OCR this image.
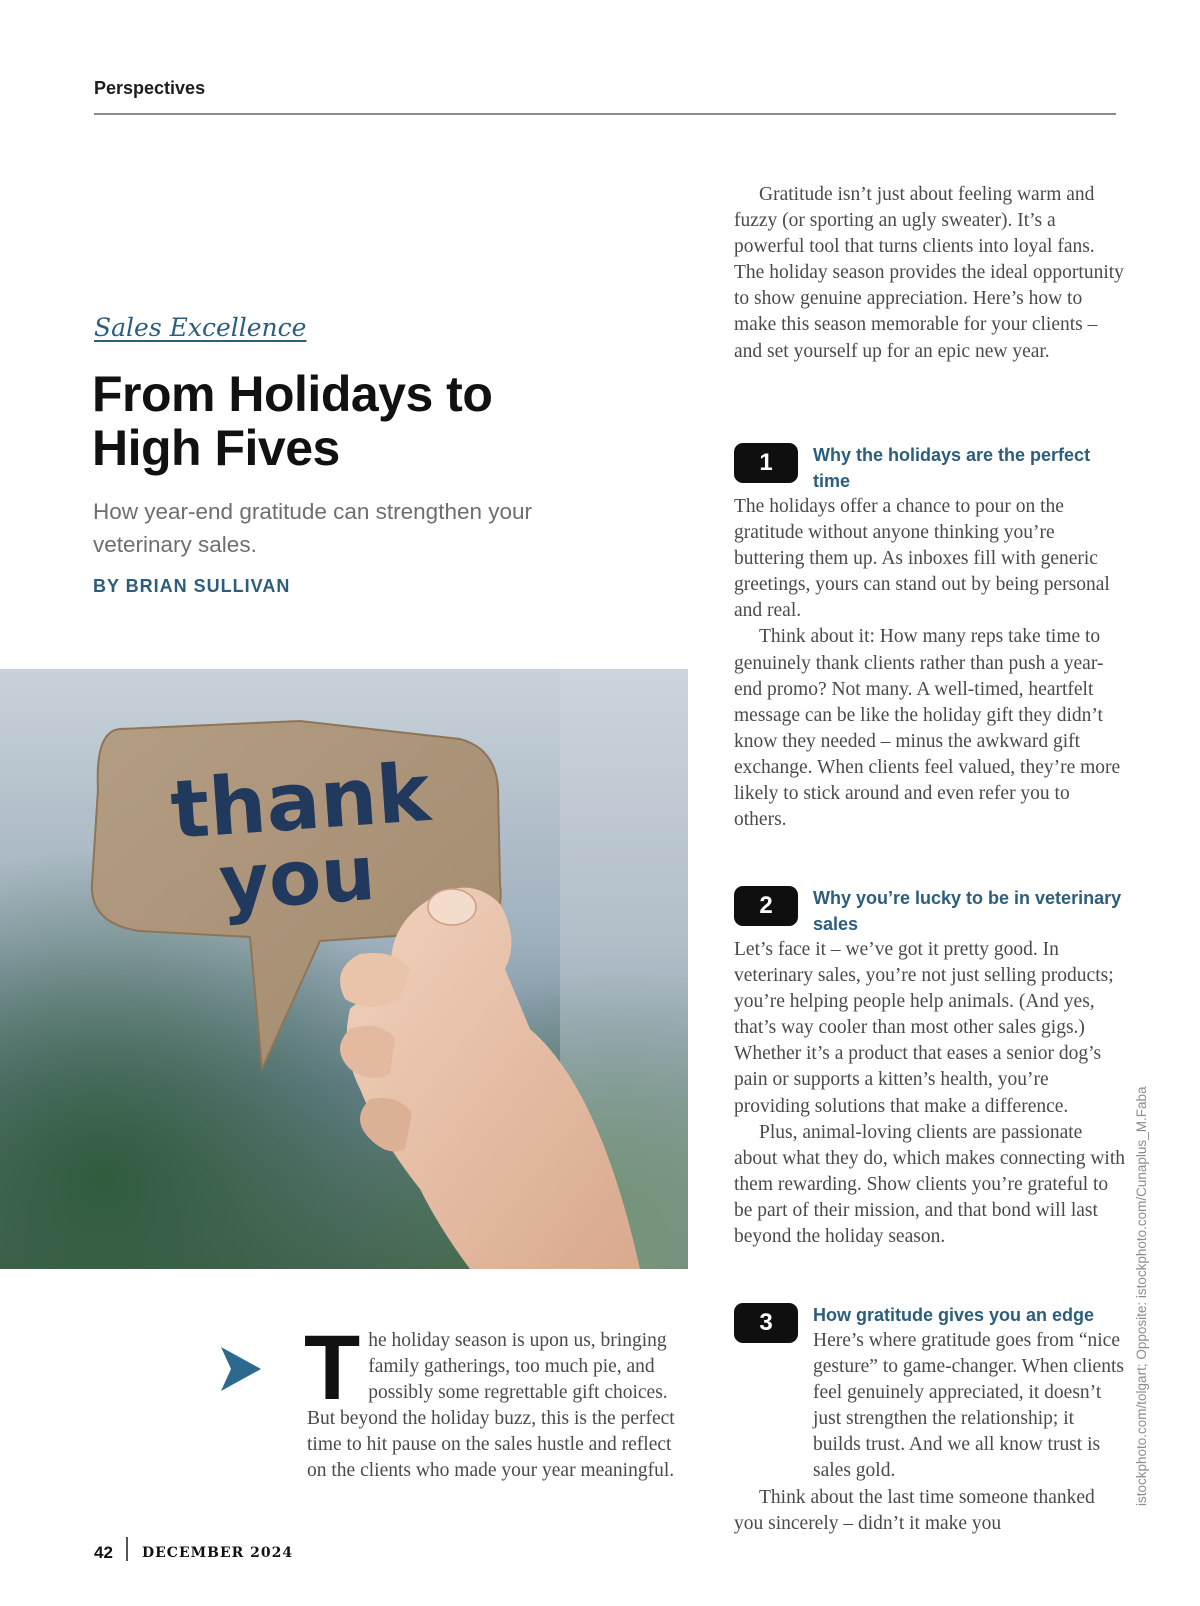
Perspectives
Sales Excellence
From Holidays to High Fives
How year-end gratitude can strengthen your veterinary sales.
BY BRIAN SULLIVAN
thank
you

Gratitude isn’t just about feeling warm and fuzzy (or sporting an ugly sweater). It’s a powerful tool that turns clients into loyal fans. The holiday season provides the ideal opportunity to show genuine appreciation. Here’s how to make this season memorable for your clients – and set yourself up for an epic new year.

1	Why the holidays are the perfect time

The holidays offer a chance to pour on the gratitude without anyone thinking you’re buttering them up. As inboxes fill with generic greetings, yours can stand out by being personal and real.

Think about it: How many reps take time to genuinely thank clients rather than push a year-end promo? Not many. A well-timed, heartfelt message can be like the holiday gift they didn’t know they needed – minus the awkward gift exchange. When clients feel valued, they’re more likely to stick around and even refer you to others.

2	Why you’re lucky to be in veterinary sales

Let’s face it – we’ve got it pretty good. In veterinary sales, you’re not just selling products; you’re helping people help animals. (And yes, that’s way cooler than most other sales gigs.) Whether it’s a product that eases a senior dog’s pain or supports a kitten’s health, you’re providing solutions that make a difference.

Plus, animal-loving clients are passionate about what they do, which makes connecting with them rewarding. Show clients you’re grateful to be part of their mission, and that bond will last beyond the holiday season.

3	How gratitude gives you an edge

Here’s where gratitude goes from “nice gesture” to game-changer. When clients feel genuinely appreciated, it doesn’t just strengthen the relationship; it builds trust. And we all know trust is sales gold.

Think about the last time someone thanked you sincerely – didn’t it make you

T he holiday season is upon us, bringing family gatherings, too much pie, and possibly some regrettable gift choices. But beyond the holiday buzz, this is the perfect time to hit pause on the sales hustle and reflect on the clients who made your year meaningful.	istockphoto.com/tolgart; Opposite: istockphoto.com/Cunaplus_M.Faba
42 DECEMBER 2024
